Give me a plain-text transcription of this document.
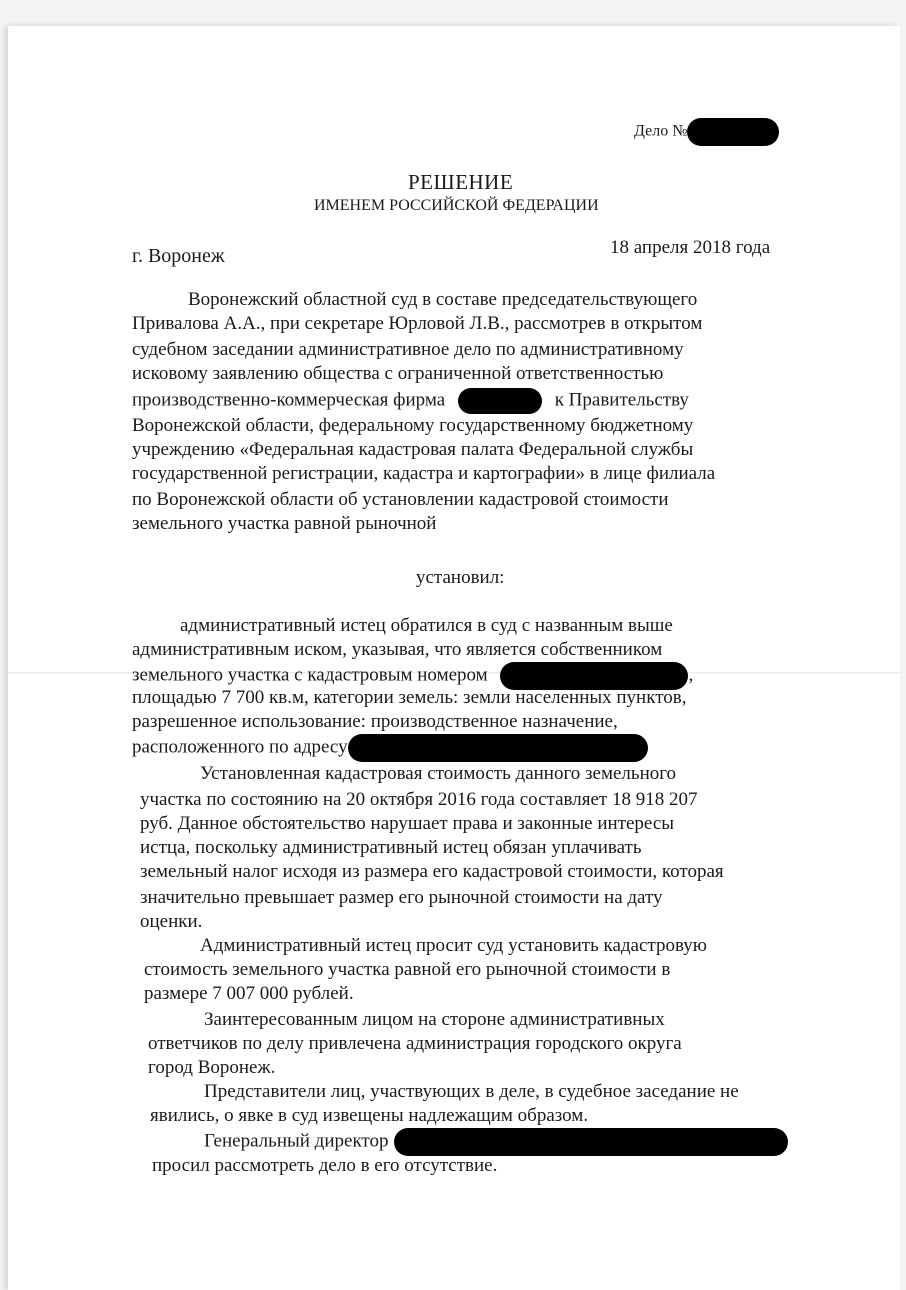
Дело №
РЕШЕНИЕ
ИМЕНЕМ РОССИЙСКОЙ ФЕДЕРАЦИИ
г. Воронеж	18 апреля 2018 года
Воронежский областной суд в составе председательствующего
Привалова А.А., при секретаре Юрловой Л.В., рассмотрев в открытом
судебном заседании административное дело по административному
исковому заявлению общества с ограниченной ответственностью
производственно-коммерческая фирма	к Правительству
Воронежской области, федеральному государственному бюджетному
учреждению «Федеральная кадастровая палата Федеральной службы
государственной регистрации, кадастра и картографии» в лице филиала
по Воронежской области об установлении кадастровой стоимости
земельного участка равной рыночной
установил:
административный истец обратился в суд с названным выше
административным иском, указывая, что является собственником
земельного участка с кадастровым номером	,
площадью 7 700 кв.м, категории земель: земли населенных пунктов,
разрешенное использование: производственное назначение,
расположенного по адресу
Установленная кадастровая стоимость данного земельного
участка по состоянию на 20 октября 2016 года составляет 18 918 207
руб. Данное обстоятельство нарушает права и законные интересы
истца, поскольку административный истец обязан уплачивать
земельный налог исходя из размера его кадастровой стоимости, которая
значительно превышает размер его рыночной стоимости на дату
оценки.
Административный истец просит суд установить кадастровую
стоимость земельного участка равной его рыночной стоимости в
размере 7 007 000 рублей.
Заинтересованным лицом на стороне административных
ответчиков по делу привлечена администрация городского округа
город Воронеж.
Представители лиц, участвующих в деле, в судебное заседание не
явились, о явке в суд извещены надлежащим образом.
Генеральный директор
просил рассмотреть дело в его отсутствие.
